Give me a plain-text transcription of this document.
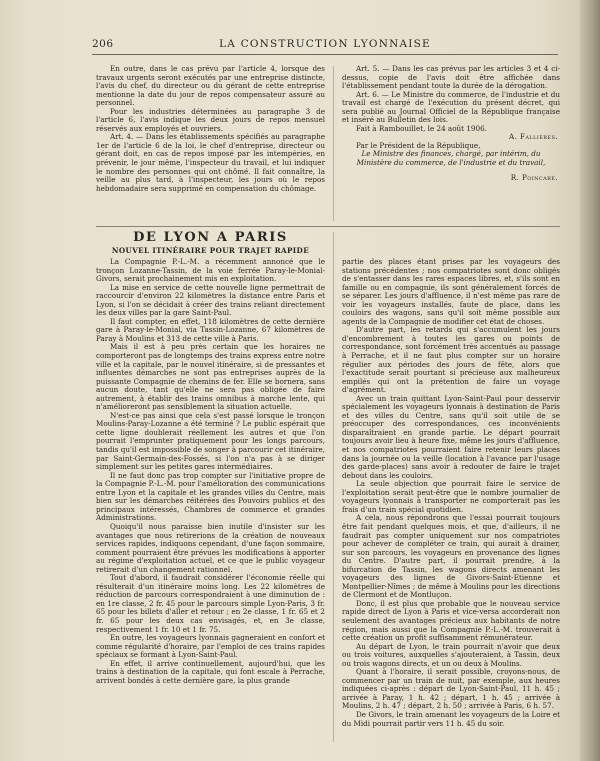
206	LA CONSTRUCTION LYONNAISE

En outre, dans le cas prévu par l'article 4, lorsque des travaux urgents seront exécutés par une entreprise distincte, l'avis du chef, du directeur ou du gérant de cette entreprise mentionne la date du jour de repos compensateur assuré au personnel.

Pour les industries déterminées au paragraphe 3 de l'article 6, l'avis indique les deux jours de repos mensuel réservés aux employés et ouvriers.

Art. 4. — Dans les établissements spécifiés au paragraphe 1er de l'article 6 de la loi, le chef d'entreprise, directeur ou gérant doit, en cas de repos imposé par les intempéries, en prévenir, le jour même, l'inspecteur du travail, et lui indiquer le nombre des personnes qui ont chômé. Il fait connaître, la veille au plus tard, à l'inspecteur, les jours où le repos hebdomadaire sera supprimé en compensation du chômage.

Art. 5. — Dans les cas prévus par les articles 3 et 4 ci-dessus, copie de l'avis doit être affichée dans l'établissement pendant toute la durée de la dérogation.

Art. 6. — Le Ministre du commerce, de l'industrie et du travail est chargé de l'exécution du présent décret, qui sera publié au Journal Officiel de la République française et inséré au Bulletin des lois.

Fait à Rambouillet, le 24 août 1906.

A. Fallières.
Par le Président de la République,
Le Ministre des finances, chargé, par intérim, du Ministère du commerce, de l'industrie et du travail,
R. Poincaré.
DE LYON A PARIS
NOUVEL ITINÉRAIRE POUR TRAJET RAPIDE

La Compagnie P.-L.-M. a récemment annoncé que le tronçon Lozanne-Tassin, de la voie ferrée Paray-le-Monial-Givors, serait prochainement mis en exploitation.

La mise en service de cette nouvelle ligne permettrait de raccourcir d'environ 22 kilomètres la distance entre Paris et Lyon, si l'on se décidait à créer des trains reliant directement les deux villes par la gare Saint-Paul.

Il faut compter, en effet, 118 kilomètres de cette dernière gare à Paray-le-Monial, via Tassin-Lozanne, 67 kilomètres de Paray à Moulins et 313 de cette ville à Paris.

Mais il est à peu près certain que les horaires ne comporteront pas de longtemps des trains express entre notre ville et la capitale, par le nouvel itinéraire, si de pressantes et influentes démarches ne sont pas entreprises auprès de la puissante Compagnie de chemins de fer. Elle se bornera, sans aucun doute, tant qu'elle ne sera pas obligée de faire autrement, à établir des trains omnibus à marche lente, qui n'amélioreront pas sensiblement la situation actuelle.

N'est-ce pas ainsi que cela s'est passé lorsque le tronçon Moulins-Paray-Lozanne a été terminé ? Le public espérait que cette ligne doublerait réellement les autres et que l'on pourrait l'emprunter pratiquement pour les longs parcours, tandis qu'il est impossible de songer à parcourir cet itinéraire, par Saint-Germain-des-Fossés, si l'on n'a pas à se diriger simplement sur les petites gares intermédiaires.

Il ne faut donc pas trop compter sur l'initiative propre de la Compagnie P.-L.-M. pour l'amélioration des communications entre Lyon et la capitale et les grandes villes du Centre, mais bien sur les démarches réitérées des Pouvoirs publics et des principaux intéressés, Chambres de commerce et grandes Administrations.

Quoiqu'il nous paraisse bien inutile d'insister sur les avantages que nous retirerions de la création de nouveaux services rapides, indiquons cependant, d'une façon sommaire, comment pourraient être prévues les modifications à apporter au régime d'exploitation actuel, et ce que le public voyageur retirerait d'un changement rationnel.

Tout d'abord, il faudrait considérer l'économie réelle qui résulterait d'un itinéraire moins long. Les 22 kilomètres de réduction de parcours correspondraient à une diminution de : en 1re classe, 2 fr. 45 pour le parcours simple Lyon-Paris, 3 fr. 65 pour les billets d'aller et retour ; en 2e classe, 1 fr. 65 et 2 fr. 65 pour les deux cas envisagés, et, en 3e classe, respectivement 1 fr. 10 et 1 fr. 75.

En outre, les voyageurs lyonnais gagneraient en confort et comme régularité d'horaire, par l'emploi de ces trains rapides spéciaux se formant à Lyon-Saint-Paul.

En effet, il arrive continuellement, aujourd'hui, que les trains à destination de la capitale, qui font escale à Perrache, arrivent bondés à cette dernière gare, la plus grande

partie des places étant prises par les voyageurs des stations précédentes ; nos compatriotes sont donc obligés de s'entasser dans les rares espaces libres, et, s'ils sont en famille ou en compagnie, ils sont généralement forcés de se séparer. Les jours d'affluence, il n'est même pas rare de voir les voyageurs installés, faute de place, dans les couloirs des wagons, sans qu'il soit même possible aux agents de la Compagnie de modifier cet état de choses.

D'autre part, les retards qui s'accumulent les jours d'encombrement à toutes les gares ou points de correspondance, sont forcément très accentués au passage à Perrache, et il ne faut plus compter sur un horaire régulier aux périodes des jours de fête, alors que l'exactitude serait pourtant si précieuse aux malheureux empilés qui ont la prétention de faire un voyage d'agrément.

Avec un train quittant Lyon-Saint-Paul pour desservir spécialement les voyageurs lyonnais à destination de Paris et des villes du Centre, sans qu'il soit utile de se préoccuper des correspondances, ces inconvénients disparaîtraient en grande partie. Le départ pourrait toujours avoir lieu à heure fixe, même les jours d'affluence, et nos compatriotes pourraient faire retenir leurs places dans la journée ou la veille (location à l'avance par l'usage des garde-places) sans avoir à redouter de faire le trajet debout dans les couloirs.

La seule objection que pourrait faire le service de l'exploitation serait peut-être que le nombre journalier de voyageurs lyonnais à transporter ne comporterait pas les frais d'un train spécial quotidien.

A cela, nous répondrons que l'essai pourrait toujours être fait pendant quelques mois, et que, d'ailleurs, il ne faudrait pas compter uniquement sur nos compatriotes pour achever de compléter ce train, qui aurait à drainer, sur son parcours, les voyageurs en provenance des lignes du Centre. D'autre part, il pourrait prendre, à la bifurcation de Tassin, les wagons directs amenant les voyageurs des lignes de Givors-Saint-Etienne et Montpellier-Nîmes ; de même à Moulins pour les directions de Clermont et de Montluçon.

Donc, il est plus que probable que le nouveau service rapide direct de Lyon à Paris et vice-versa accorderait non seulement des avantages précieux aux habitants de notre région, mais aussi que la Compagnie P.-L.-M. trouverait à cette création un profit suffisamment rémunérateur.

Au départ de Lyon, le train pourrait n'avoir que deux ou trois voitures, auxquelles s'ajouteraient, à Tassin, deux ou trois wagons directs, et un ou deux à Moulins.

Quant à l'horaire, il serait possible, croyons-nous, de commencer par un train de nuit, par exemple, aux heures indiquées ci-après : départ de Lyon-Saint-Paul, 11 h. 45 ; arrivée à Paray, 1 h. 42 ; départ, 1 h. 45 ; arrivée à Moulins, 2 h. 47 ; départ, 2 h. 50 ; arrivée à Paris, 6 h. 57.

De Givors, le train amenant les voyageurs de la Loire et du Midi pourrait partir vers 11 h. 45 du soir.
